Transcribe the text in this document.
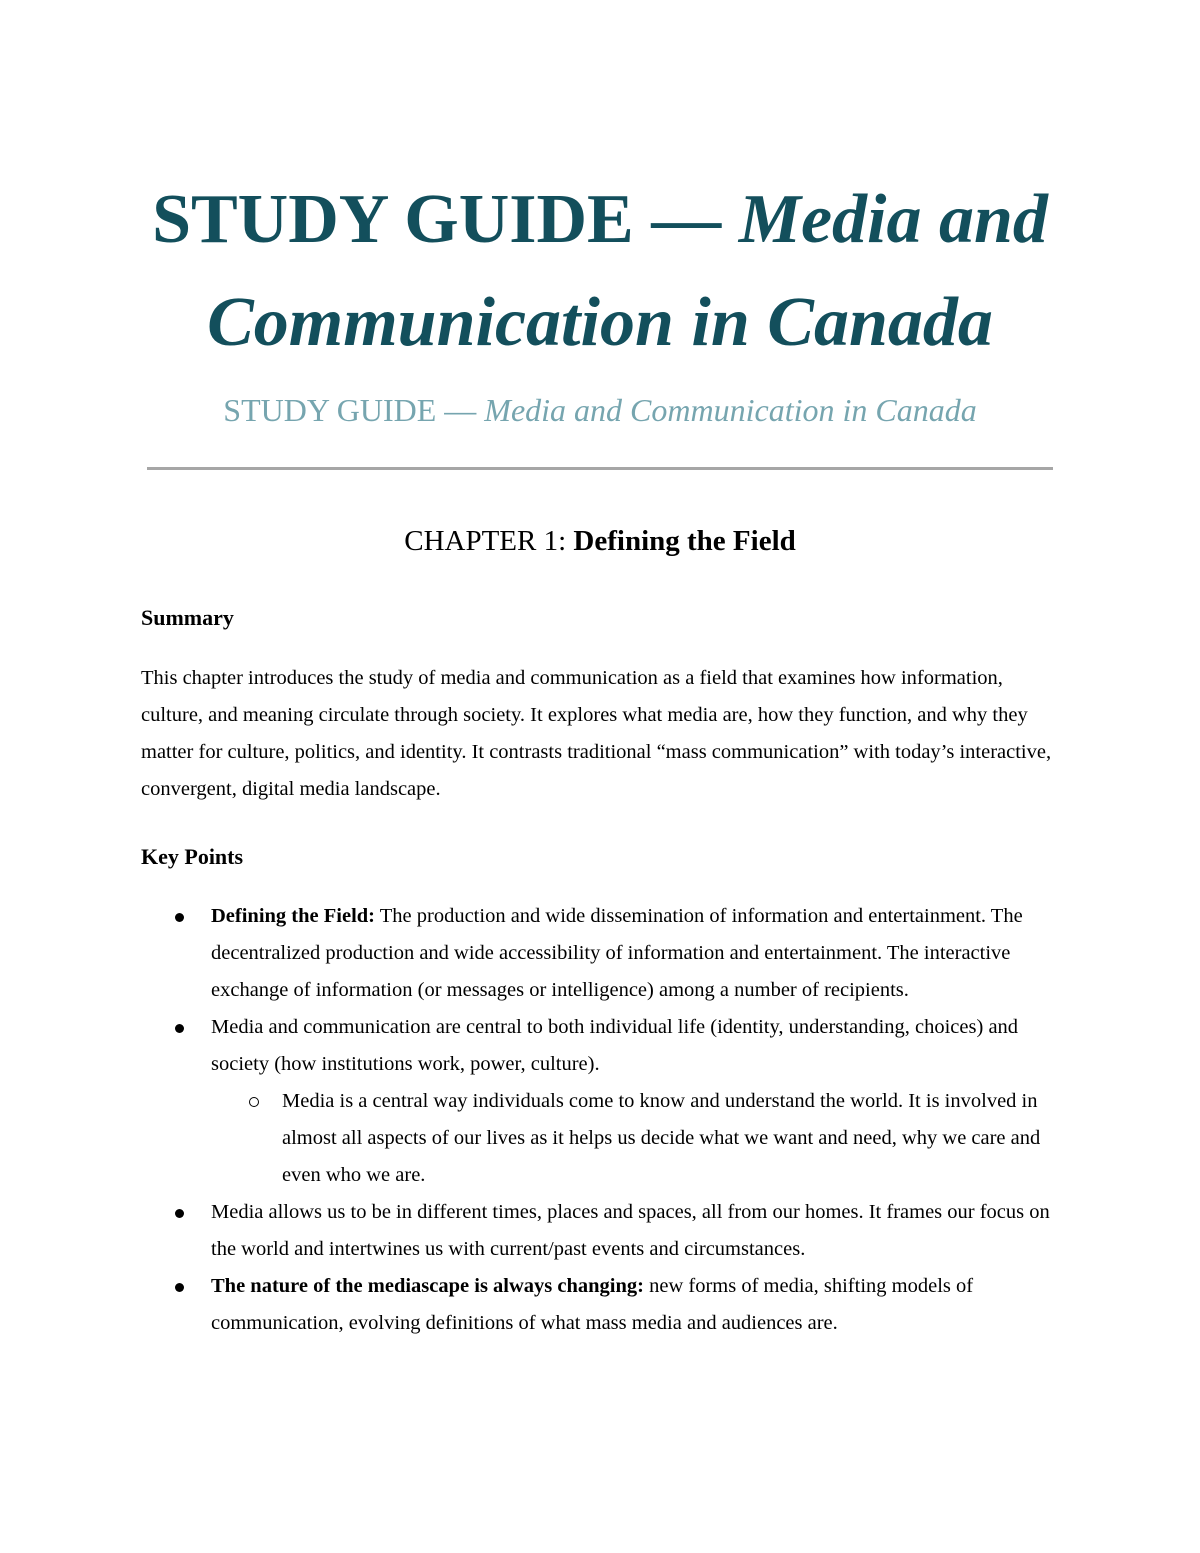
STUDY GUIDE — Media and Communication in Canada

STUDY GUIDE — Media and Communication in Canada

CHAPTER 1: Defining the Field
Summary

This chapter introduces the study of media and communication as a field that examines how information, culture, and meaning circulate through society. It explores what media are, how they function, and why they matter for culture, politics, and identity. It contrasts traditional “mass communication” with today’s interactive, convergent, digital media landscape.

Key Points
Defining the Field: The production and wide dissemination of information and entertainment. The decentralized production and wide accessibility of information and entertainment. The interactive exchange of information (or messages or intelligence) among a number of recipients.
Media and communication are central to both individual life (identity, understanding, choices) and society (how institutions work, power, culture).
Media is a central way individuals come to know and understand the world. It is involved in almost all aspects of our lives as it helps us decide what we want and need, why we care and even who we are.
Media allows us to be in different times, places and spaces, all from our homes. It frames our focus on the world and intertwines us with current/past events and circumstances.
The nature of the mediascape is always changing: new forms of media, shifting models of communication, evolving definitions of what mass media and audiences are.
